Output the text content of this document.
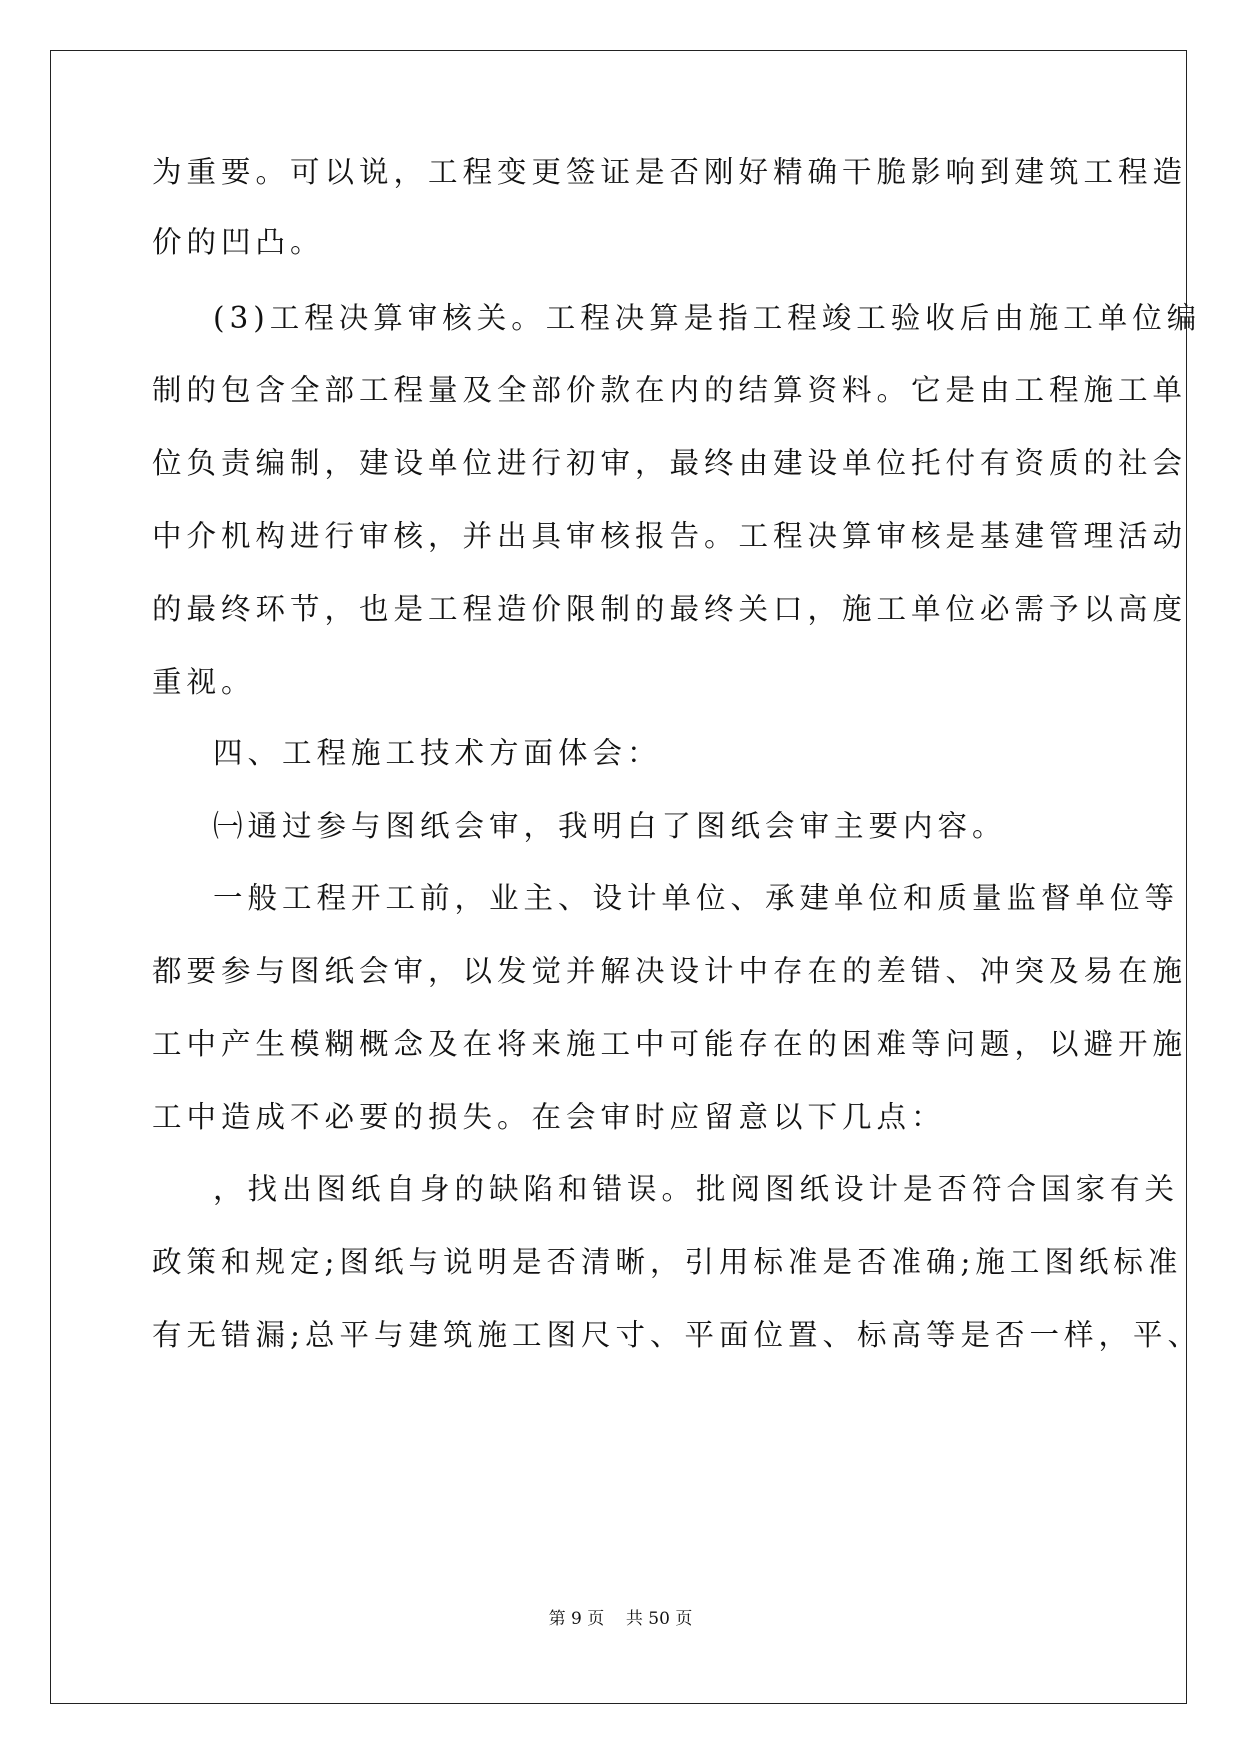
为重要。可以说，工程变更签证是否刚好精确干脆影响到建筑工程造
价的凹凸。
(3)工程决算审核关。工程决算是指工程竣工验收后由施工单位编
制的包含全部工程量及全部价款在内的结算资料。它是由工程施工单
位负责编制，建设单位进行初审，最终由建设单位托付有资质的社会
中介机构进行审核，并出具审核报告。工程决算审核是基建管理活动
的最终环节，也是工程造价限制的最终关口，施工单位必需予以高度
重视。
四、工程施工技术方面体会：
㈠通过参与图纸会审，我明白了图纸会审主要内容。
一般工程开工前，业主、设计单位、承建单位和质量监督单位等
都要参与图纸会审，以发觉并解决设计中存在的差错、冲突及易在施
工中产生模糊概念及在将来施工中可能存在的困难等问题，以避开施
工中造成不必要的损失。在会审时应留意以下几点：
，找出图纸自身的缺陷和错误。批阅图纸设计是否符合国家有关
政策和规定;图纸与说明是否清晰，引用标准是否准确;施工图纸标准
有无错漏;总平与建筑施工图尺寸、平面位置、标高等是否一样，平、
第 9 页    共 50 页
